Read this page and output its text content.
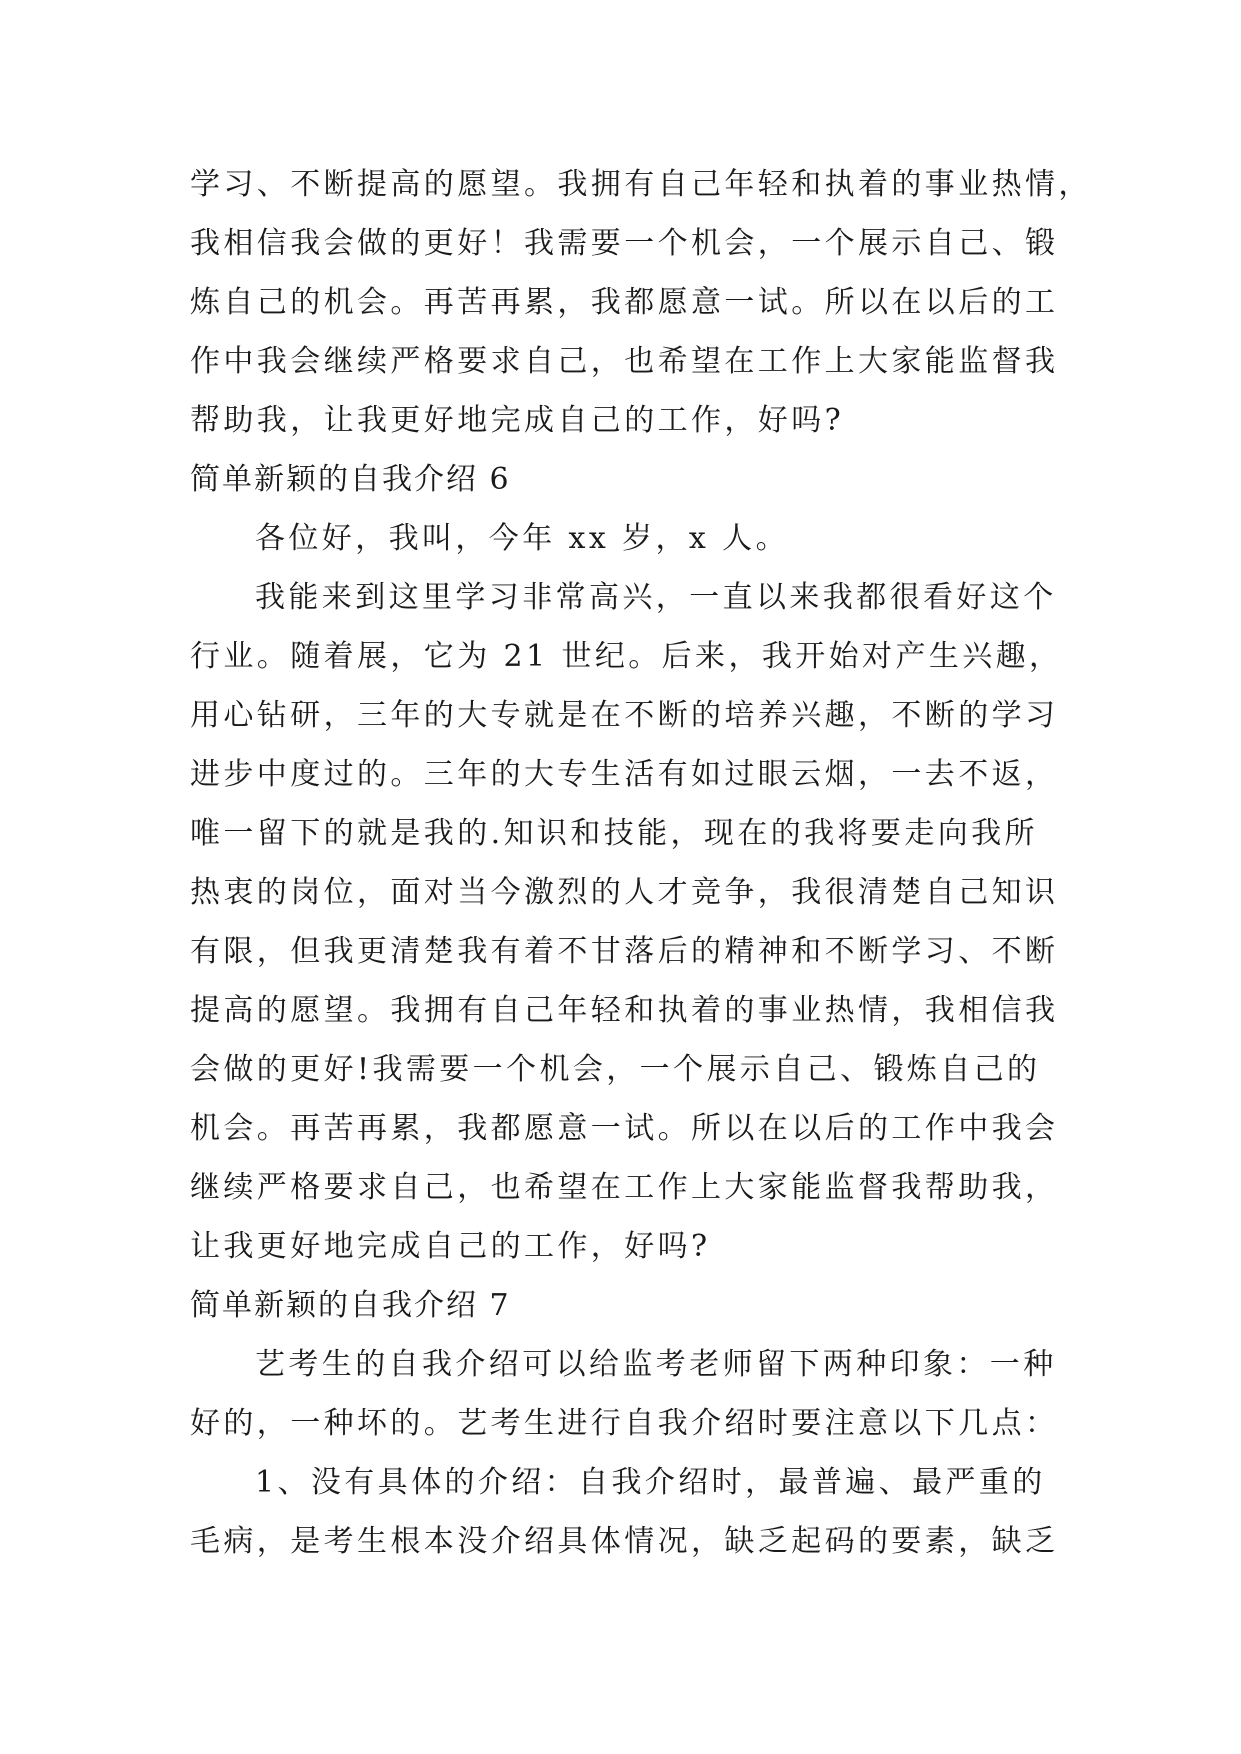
学习、不断提高的愿望。我拥有自己年轻和执着的事业热情，
我相信我会做的更好！我需要一个机会，一个展示自己、锻
炼自己的机会。再苦再累，我都愿意一试。所以在以后的工
作中我会继续严格要求自己，也希望在工作上大家能监督我
帮助我，让我更好地完成自己的工作，好吗?
简单新颖的自我介绍 6
各位好，我叫，今年 xx 岁，x 人。
我能来到这里学习非常高兴，一直以来我都很看好这个
行业。随着展，它为 21 世纪。后来，我开始对产生兴趣，
用心钻研，三年的大专就是在不断的培养兴趣，不断的学习
进步中度过的。三年的大专生活有如过眼云烟，一去不返，
唯一留下的就是我的.知识和技能，现在的我将要走向我所
热衷的岗位，面对当今激烈的人才竞争，我很清楚自己知识
有限，但我更清楚我有着不甘落后的精神和不断学习、不断
提高的愿望。我拥有自己年轻和执着的事业热情，我相信我
会做的更好!我需要一个机会，一个展示自己、锻炼自己的
机会。再苦再累，我都愿意一试。所以在以后的工作中我会
继续严格要求自己，也希望在工作上大家能监督我帮助我，
让我更好地完成自己的工作，好吗?
简单新颖的自我介绍 7
艺考生的自我介绍可以给监考老师留下两种印象：一种
好的，一种坏的。艺考生进行自我介绍时要注意以下几点：
1、没有具体的介绍：自我介绍时，最普遍、最严重的
毛病，是考生根本没介绍具体情况，缺乏起码的要素，缺乏
